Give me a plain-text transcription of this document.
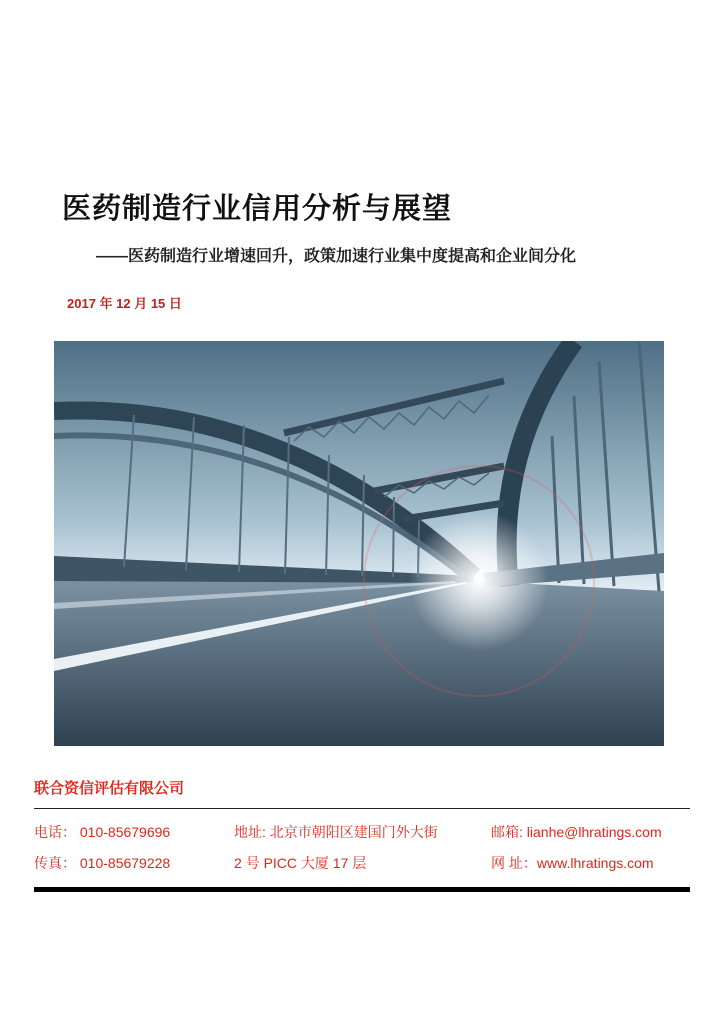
医药制造行业信用分析与展望
——医药制造行业增速回升，政策加速行业集中度提高和企业间分化
2017 年 12 月 15 日
联合资信评估有限公司
电话： 010-85679696
传真： 010-85679228
地址: 北京市朝阳区建国门外大街
2 号 PICC 大厦 17 层
邮箱: lianhe@lhratings.com
网 址：www.lhratings.com
